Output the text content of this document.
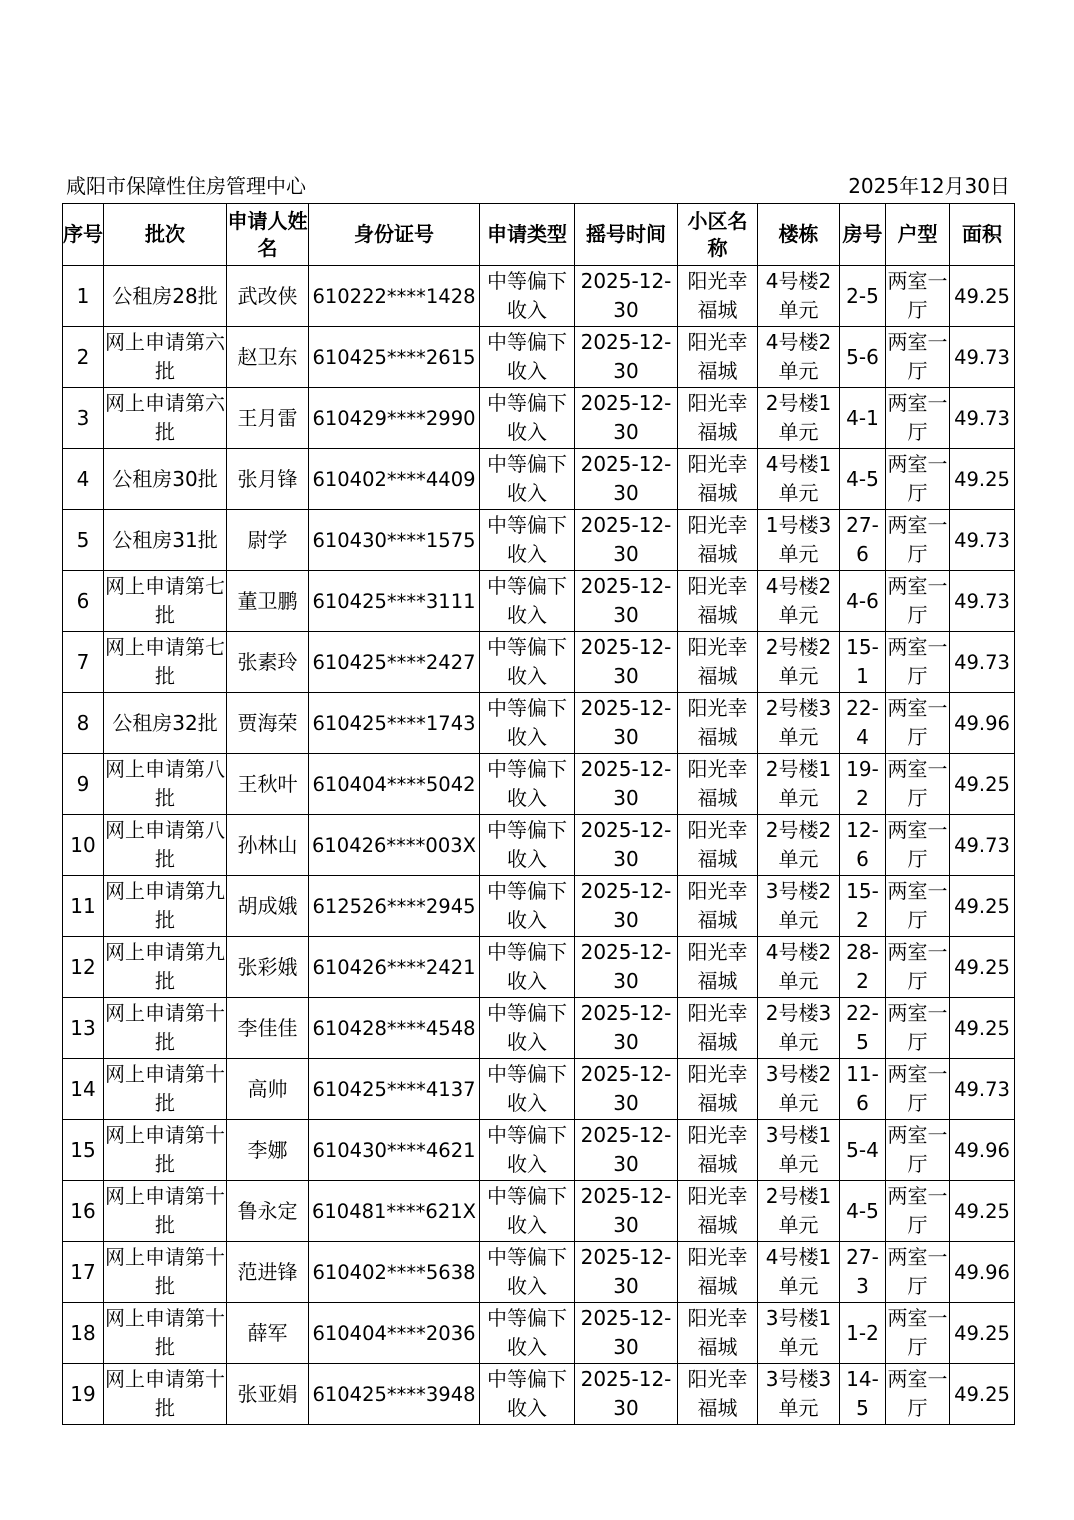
咸阳市保障性住房管理中心	2025年12月30日
序号	批次	申请人姓名	身份证号	申请类型	摇号时间	小区名称	楼栋	房号	户型	面积
1	公租房28批	武改侠	610222****1428	中等偏下收入	2025-12-30	阳光幸福城	4号楼2单元	2-5	两室一厅	49.25
2	网上申请第六批	赵卫东	610425****2615	中等偏下收入	2025-12-30	阳光幸福城	4号楼2单元	5-6	两室一厅	49.73
3	网上申请第六批	王月雷	610429****2990	中等偏下收入	2025-12-30	阳光幸福城	2号楼1单元	4-1	两室一厅	49.73
4	公租房30批	张月锋	610402****4409	中等偏下收入	2025-12-30	阳光幸福城	4号楼1单元	4-5	两室一厅	49.25
5	公租房31批	尉学	610430****1575	中等偏下收入	2025-12-30	阳光幸福城	1号楼3单元	27-6	两室一厅	49.73
6	网上申请第七批	董卫鹏	610425****3111	中等偏下收入	2025-12-30	阳光幸福城	4号楼2单元	4-6	两室一厅	49.73
7	网上申请第七批	张素玲	610425****2427	中等偏下收入	2025-12-30	阳光幸福城	2号楼2单元	15-1	两室一厅	49.73
8	公租房32批	贾海荣	610425****1743	中等偏下收入	2025-12-30	阳光幸福城	2号楼3单元	22-4	两室一厅	49.96
9	网上申请第八批	王秋叶	610404****5042	中等偏下收入	2025-12-30	阳光幸福城	2号楼1单元	19-2	两室一厅	49.25
10	网上申请第八批	孙林山	610426****003X	中等偏下收入	2025-12-30	阳光幸福城	2号楼2单元	12-6	两室一厅	49.73
11	网上申请第九批	胡成娥	612526****2945	中等偏下收入	2025-12-30	阳光幸福城	3号楼2单元	15-2	两室一厅	49.25
12	网上申请第九批	张彩娥	610426****2421	中等偏下收入	2025-12-30	阳光幸福城	4号楼2单元	28-2	两室一厅	49.25
13	网上申请第十批	李佳佳	610428****4548	中等偏下收入	2025-12-30	阳光幸福城	2号楼3单元	22-5	两室一厅	49.25
14	网上申请第十批	高帅	610425****4137	中等偏下收入	2025-12-30	阳光幸福城	3号楼2单元	11-6	两室一厅	49.73
15	网上申请第十批	李娜	610430****4621	中等偏下收入	2025-12-30	阳光幸福城	3号楼1单元	5-4	两室一厅	49.96
16	网上申请第十批	鲁永定	610481****621X	中等偏下收入	2025-12-30	阳光幸福城	2号楼1单元	4-5	两室一厅	49.25
17	网上申请第十批	范进锋	610402****5638	中等偏下收入	2025-12-30	阳光幸福城	4号楼1单元	27-3	两室一厅	49.96
18	网上申请第十批	薛军	610404****2036	中等偏下收入	2025-12-30	阳光幸福城	3号楼1单元	1-2	两室一厅	49.25
19	网上申请第十批	张亚娟	610425****3948	中等偏下收入	2025-12-30	阳光幸福城	3号楼3单元	14-5	两室一厅	49.25
